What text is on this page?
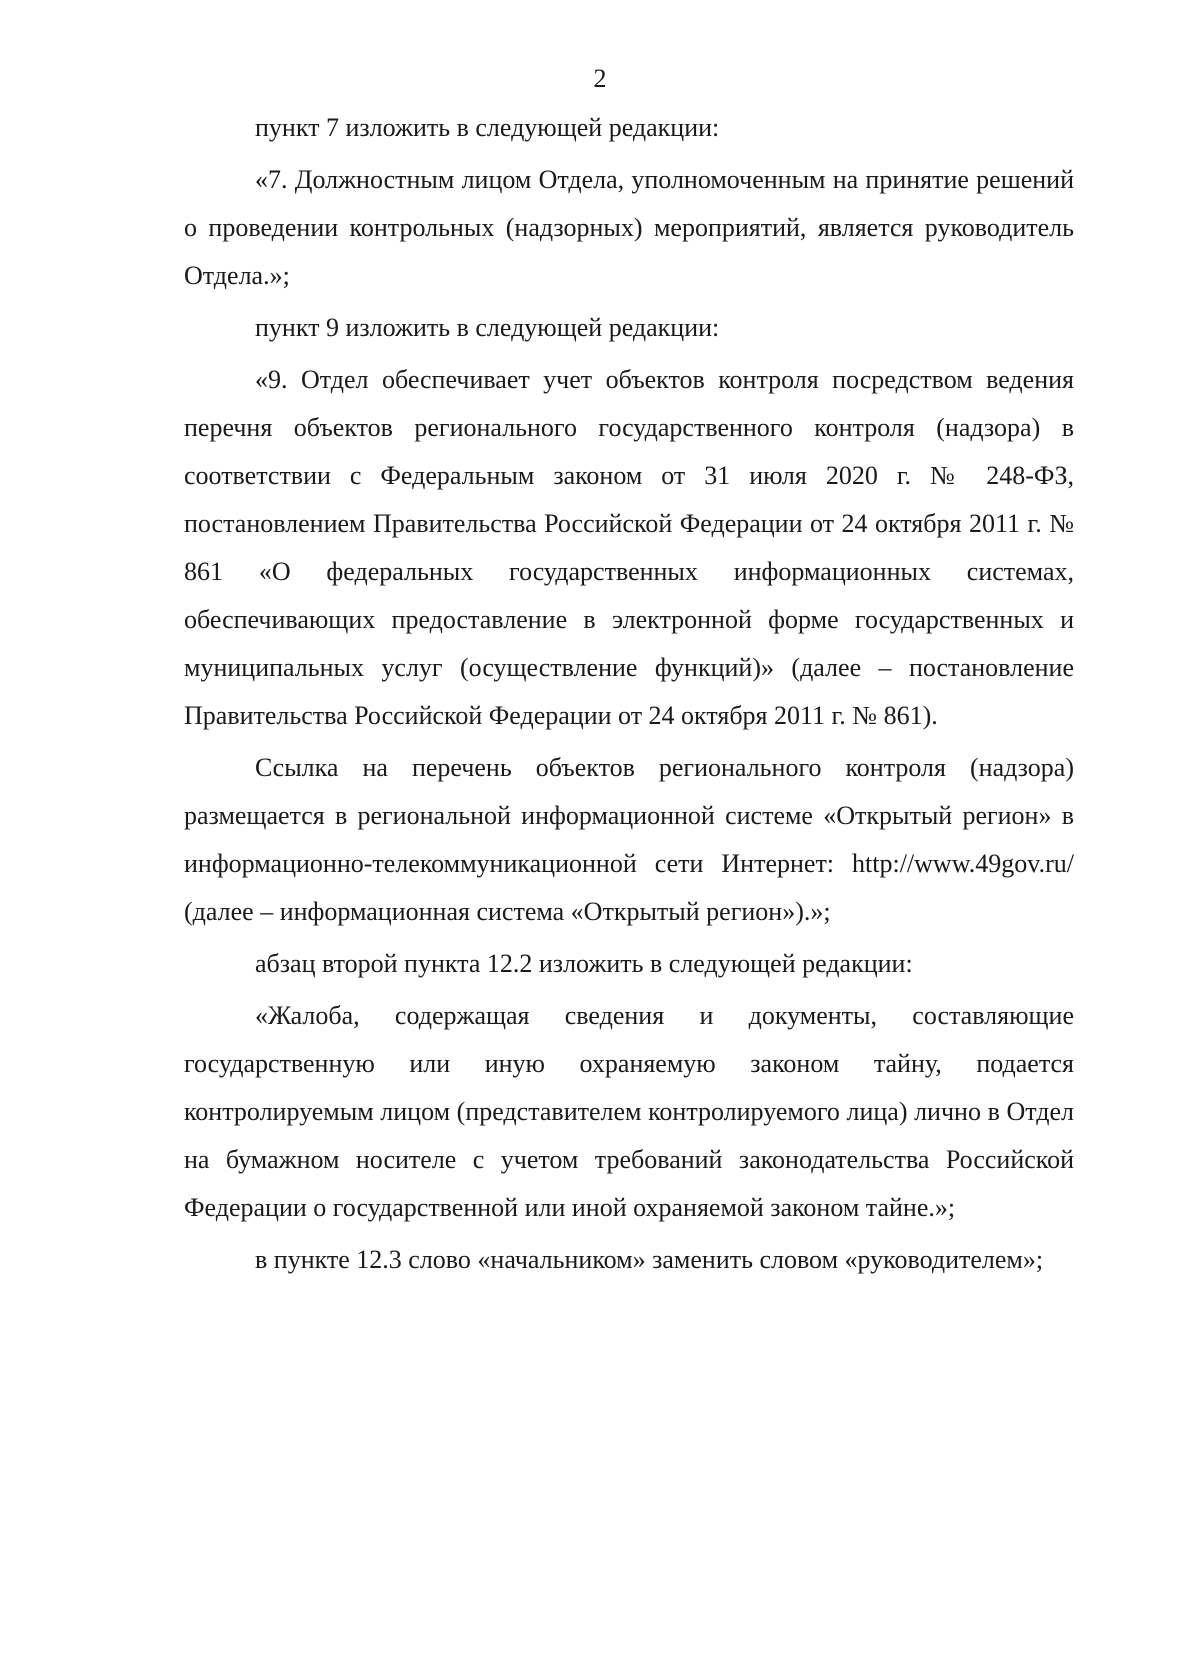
2

пункт 7 изложить в следующей редакции:

«7. Должностным лицом Отдела, уполномоченным на принятие решений о проведении контрольных (надзорных) мероприятий, является руководитель Отдела.»;

пункт 9 изложить в следующей редакции:

«9. Отдел обеспечивает учет объектов контроля посредством ведения перечня объектов регионального государственного контроля (надзора) в соответствии с Федеральным законом от 31 июля 2020 г. № 248-ФЗ, постановлением Правительства Российской Федерации от 24 октября 2011 г. № 861 «О федеральных государственных информационных системах, обеспечивающих предоставление в электронной форме государственных и муниципальных услуг (осуществление функций)» (далее – постановление Правительства Российской Федерации от 24 октября 2011 г. № 861).

Ссылка на перечень объектов регионального контроля (надзора) размещается в региональной информационной системе «Открытый регион» в информационно-телекоммуникационной сети Интернет: http://www.49gov.ru/ (далее – информационная система «Открытый регион»).»;

абзац второй пункта 12.2 изложить в следующей редакции:

«Жалоба, содержащая сведения и документы, составляющие государственную или иную охраняемую законом тайну, подается контролируемым лицом (представителем контролируемого лица) лично в Отдел на бумажном носителе с учетом требований законодательства Российской Федерации о государственной или иной охраняемой законом тайне.»;

в пункте 12.3 слово «начальником» заменить словом «руководителем»;
